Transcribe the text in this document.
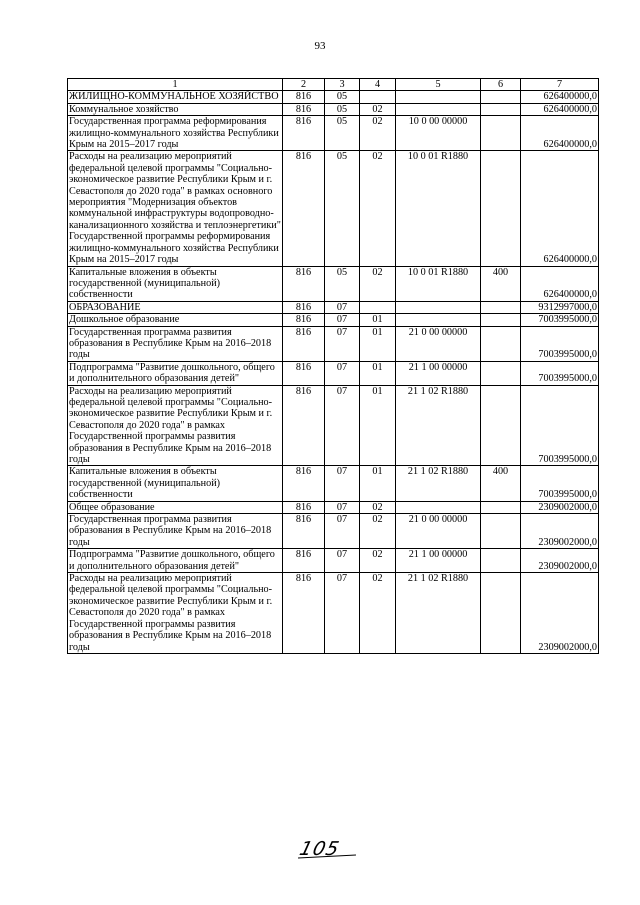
93
1	2	3	4	5	6	7
ЖИЛИЩНО-КОММУНАЛЬНОЕ ХОЗЯЙСТВО	816	05				626400000,0
Коммунальное хозяйство	816	05	02			626400000,0
Государственная программа реформирования жилищно-коммунального хозяйства Республики Крым на 2015–2017 годы	816	05	02	10 0 00 00000		626400000,0
Расходы на реализацию мероприятий федеральной целевой программы "Социально-экономическое развитие Республики Крым и г. Севастополя до 2020 года" в рамках основного мероприятия "Модернизация объектов коммунальной инфраструктуры водопроводно-канализационного хозяйства и теплоэнергетики" Государственной программы реформирования жилищно-коммунального хозяйства Республики Крым на 2015–2017 годы	816	05	02	10 0 01 R1880		626400000,0
Капитальные вложения в объекты государственной (муниципальной) собственности	816	05	02	10 0 01 R1880	400	626400000,0
ОБРАЗОВАНИЕ	816	07				9312997000,0
Дошкольное образование	816	07	01			7003995000,0
Государственная программа развития образования в Республике Крым на 2016–2018 годы	816	07	01	21 0 00 00000		7003995000,0
Подпрограмма "Развитие дошкольного, общего и дополнительного образования детей"	816	07	01	21 1 00 00000		7003995000,0
Расходы на реализацию мероприятий федеральной целевой программы "Социально-экономическое развитие Республики Крым и г. Севастополя до 2020 года" в рамках Государственной программы развития образования в Республике Крым на 2016–2018 годы	816	07	01	21 1 02 R1880		7003995000,0
Капитальные вложения в объекты государственной (муниципальной) собственности	816	07	01	21 1 02 R1880	400	7003995000,0
Общее образование	816	07	02			2309002000,0
Государственная программа развития образования в Республике Крым на 2016–2018 годы	816	07	02	21 0 00 00000		2309002000,0
Подпрограмма "Развитие дошкольного, общего и дополнительного образования детей"	816	07	02	21 1 00 00000		2309002000,0
Расходы на реализацию мероприятий федеральной целевой программы "Социально-экономическое развитие Республики Крым и г. Севастополя до 2020 года" в рамках Государственной программы развития образования в Республике Крым на 2016–2018 годы	816	07	02	21 1 02 R1880		2309002000,0
105
